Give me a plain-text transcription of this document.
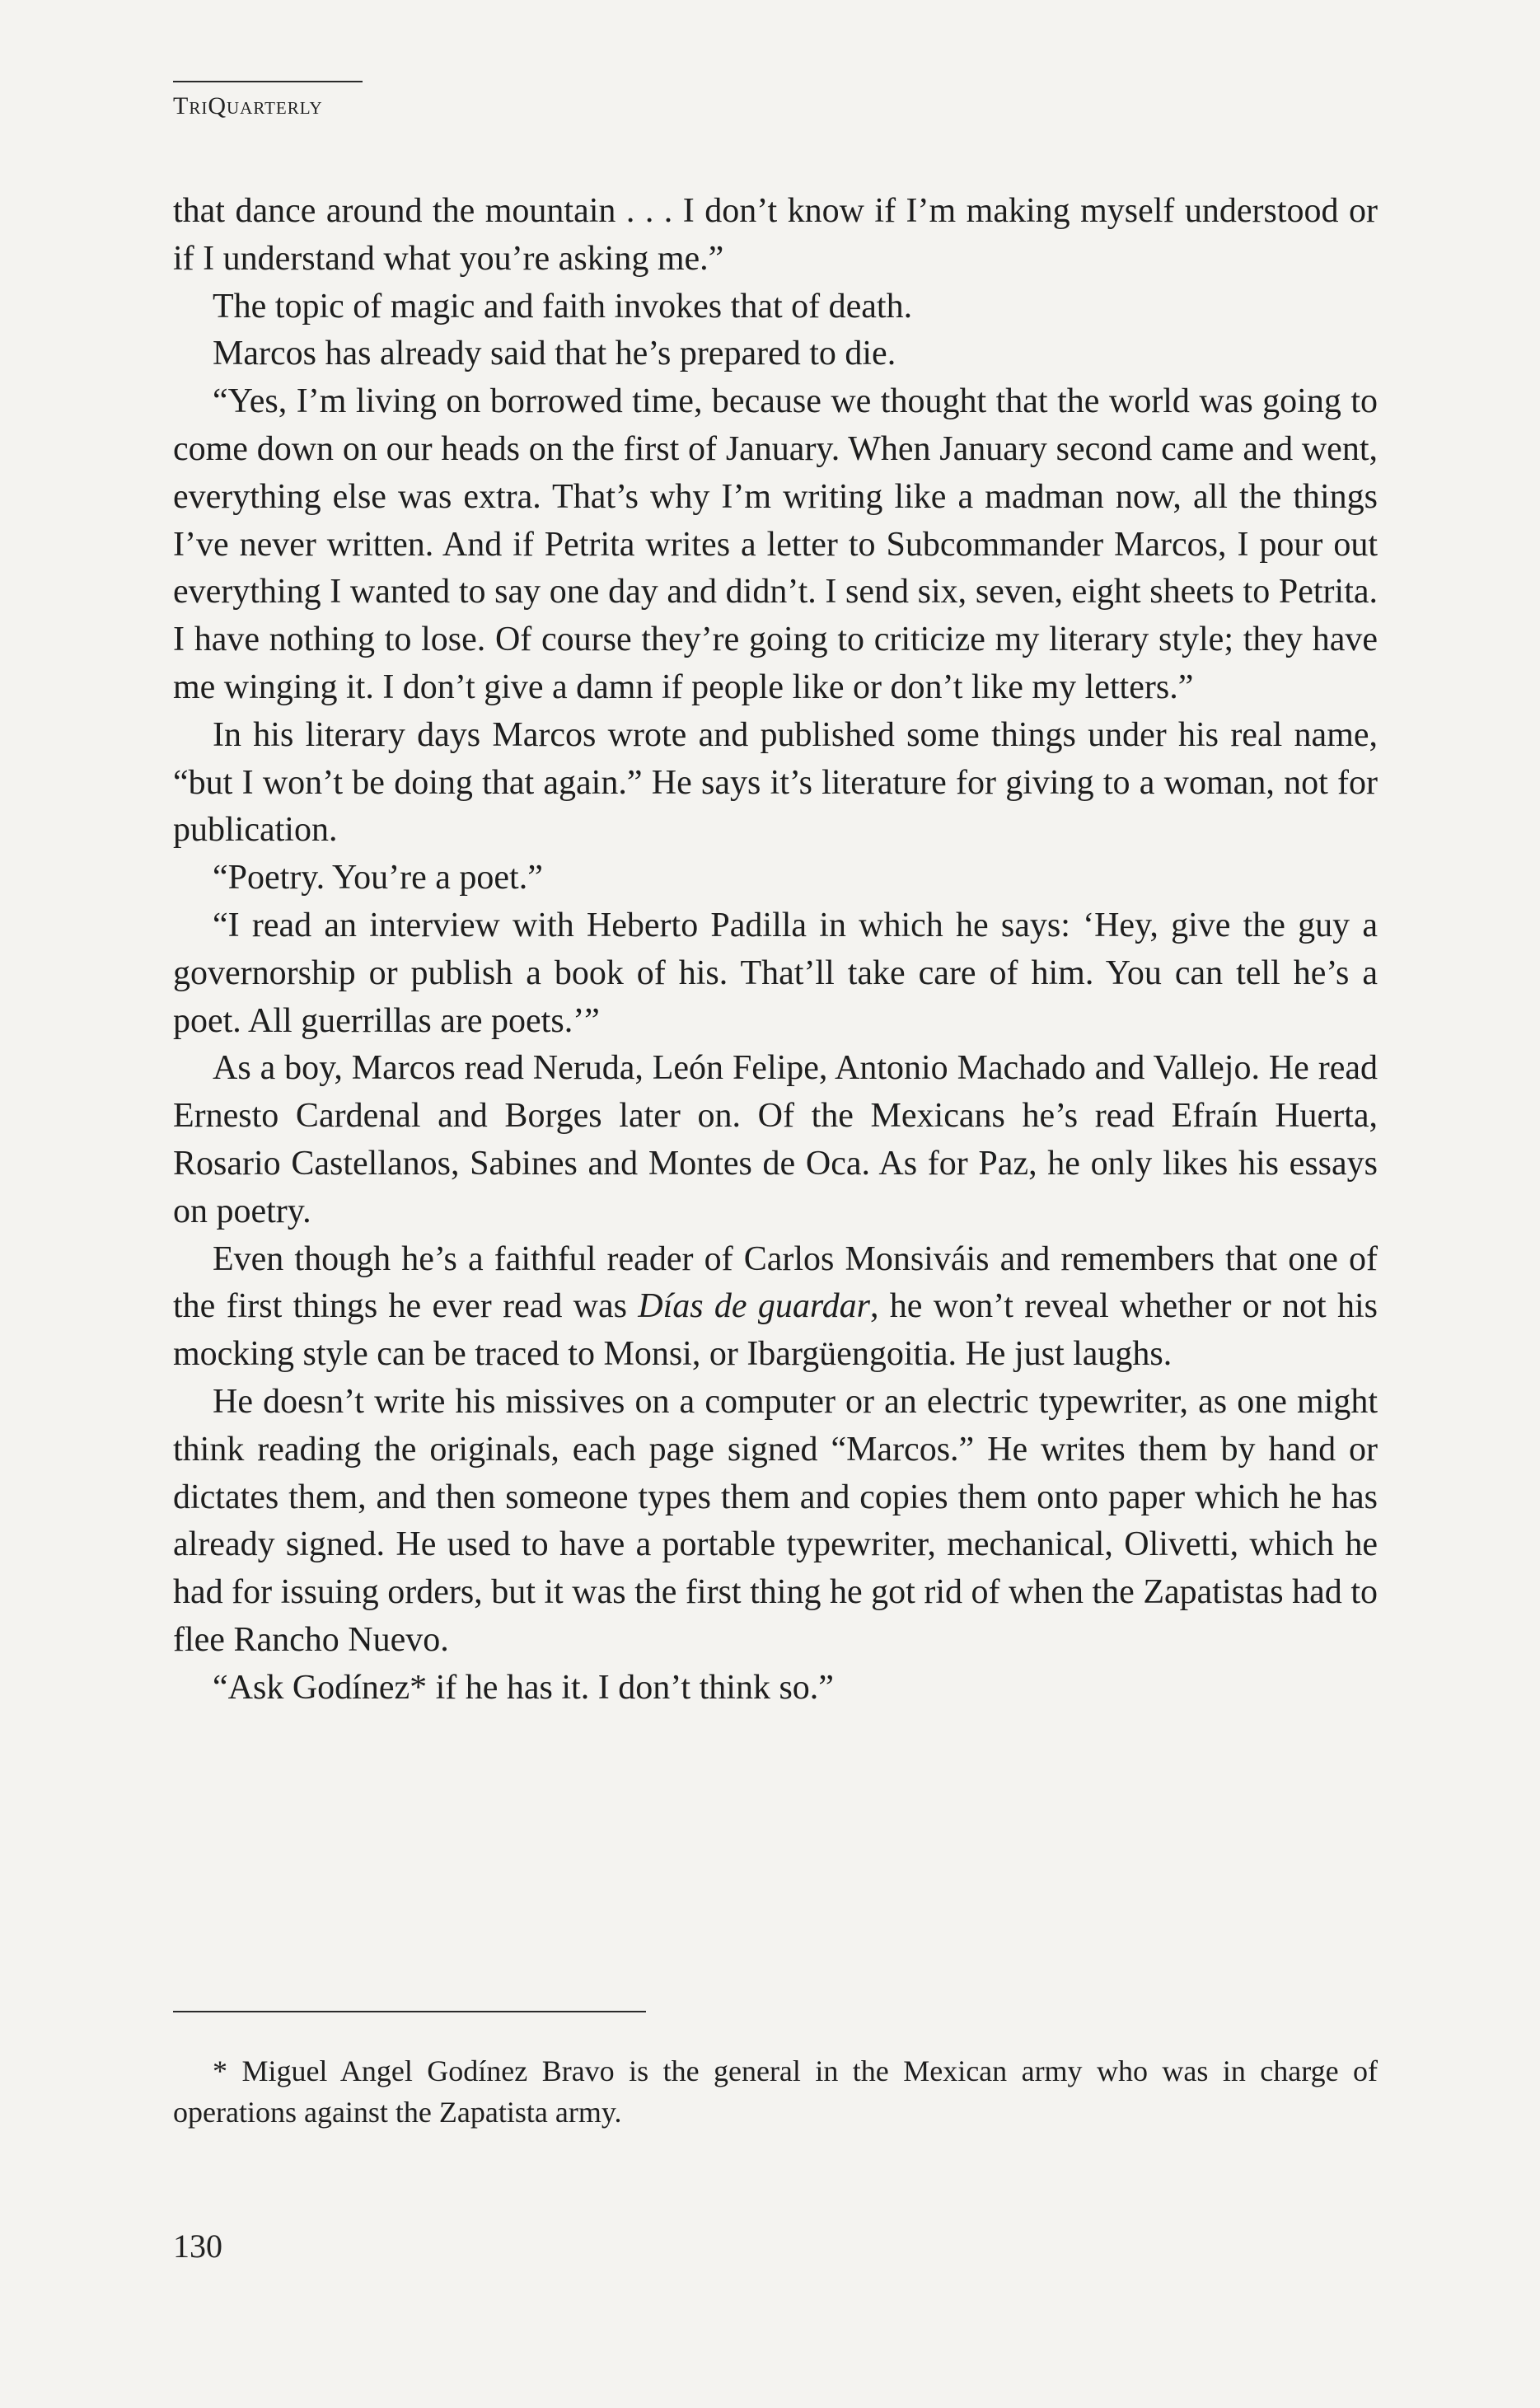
TriQuarterly

that dance around the mountain . . . I don’t know if I’m making myself understood or if I understand what you’re asking me.”

The topic of magic and faith invokes that of death.

Marcos has already said that he’s prepared to die.

“Yes, I’m living on borrowed time, because we thought that the world was going to come down on our heads on the first of January. When January second came and went, everything else was extra. That’s why I’m writing like a madman now, all the things I’ve never written. And if Petrita writes a letter to Subcommander Marcos, I pour out everything I wanted to say one day and didn’t. I send six, seven, eight sheets to Petrita. I have nothing to lose. Of course they’re going to criticize my literary style; they have me winging it. I don’t give a damn if people like or don’t like my letters.”

In his literary days Marcos wrote and published some things under his real name, “but I won’t be doing that again.” He says it’s literature for giving to a woman, not for publication.

“Poetry. You’re a poet.”

“I read an interview with Heberto Padilla in which he says: ‘Hey, give the guy a governorship or publish a book of his. That’ll take care of him. You can tell he’s a poet. All guerrillas are poets.’”

As a boy, Marcos read Neruda, León Felipe, Antonio Machado and Vallejo. He read Ernesto Cardenal and Borges later on. Of the Mexicans he’s read Efraín Huerta, Rosario Castellanos, Sabines and Montes de Oca. As for Paz, he only likes his essays on poetry.

Even though he’s a faithful reader of Carlos Monsiváis and remembers that one of the first things he ever read was Días de guardar, he won’t reveal whether or not his mocking style can be traced to Monsi, or Ibargüengoitia. He just laughs.

He doesn’t write his missives on a computer or an electric typewriter, as one might think reading the originals, each page signed “Marcos.” He writes them by hand or dictates them, and then someone types them and copies them onto paper which he has already signed. He used to have a portable typewriter, mechanical, Olivetti, which he had for issuing orders, but it was the first thing he got rid of when the Zapatistas had to flee Rancho Nuevo.

“Ask Godínez* if he has it. I don’t think so.”

* Miguel Angel Godínez Bravo is the general in the Mexican army who was in charge of operations against the Zapatista army.

130
